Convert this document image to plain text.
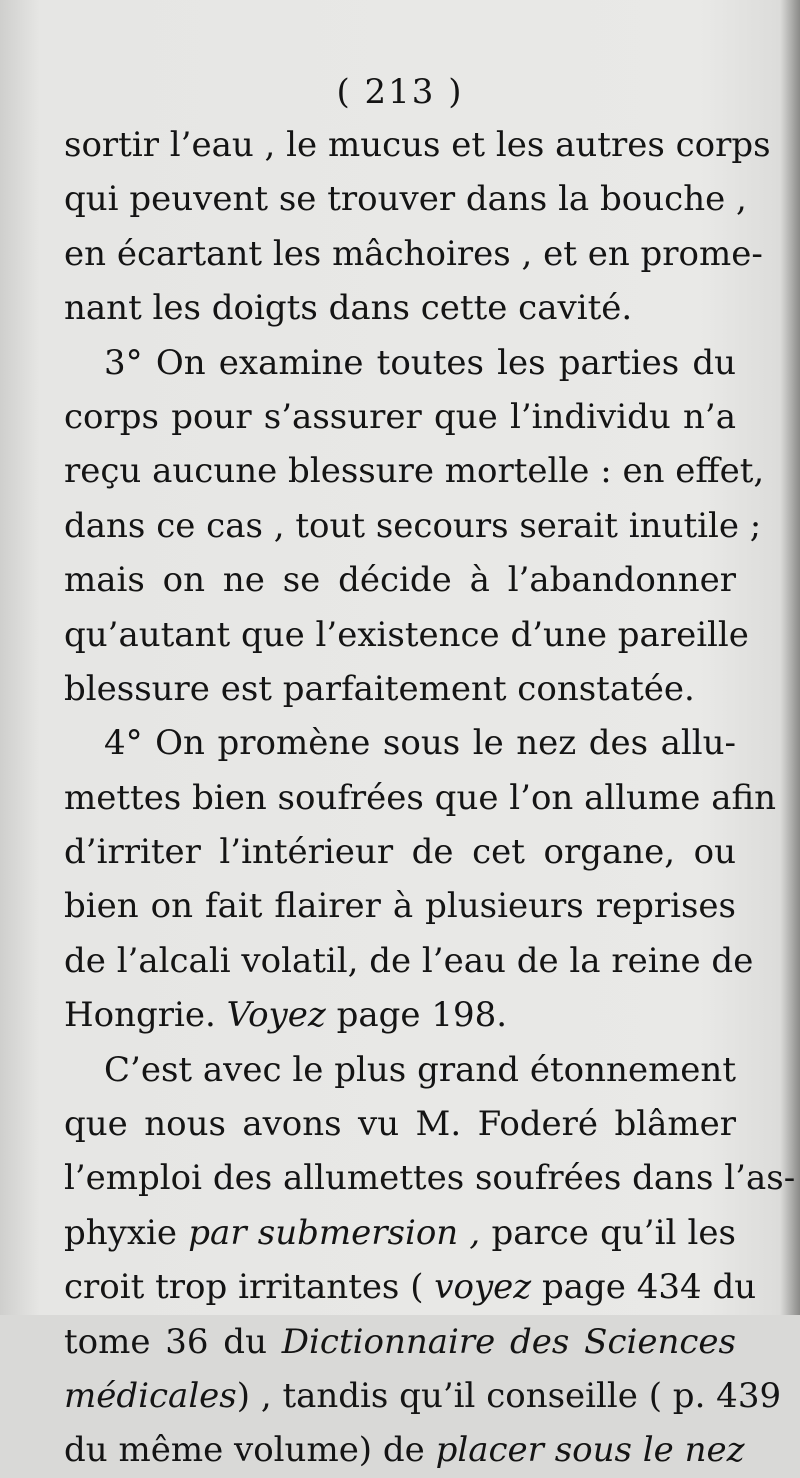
( 213 )
sortir l’eau , le mucus et les autres corps
qui peuvent se trouver dans la bouche ,
en écartant les mâchoires , et en prome-
nant les doigts dans cette cavité.
3° On examine toutes les parties du
corps pour s’assurer que l’individu n’a
reçu aucune blessure mortelle : en effet,
dans ce cas , tout secours serait inutile ;
mais on ne se décide à l’abandonner
qu’autant que l’existence d’une pareille
blessure est parfaitement constatée.
4° On promène sous le nez des allu-
mettes bien soufrées que l’on allume afin
d’irriter l’intérieur de cet organe, ou
bien on fait flairer à plusieurs reprises
de l’alcali volatil, de l’eau de la reine de
Hongrie. Voyez page 198.
C’est avec le plus grand étonnement
que nous avons vu M. Foderé blâmer
l’emploi des allumettes soufrées dans l’as-
phyxie par submersion , parce qu’il les
croit trop irritantes ( voyez page 434 du
tome 36 du Dictionnaire des Sciences
médicales) , tandis qu’il conseille ( p. 439
du même volume) de placer sous le nez
